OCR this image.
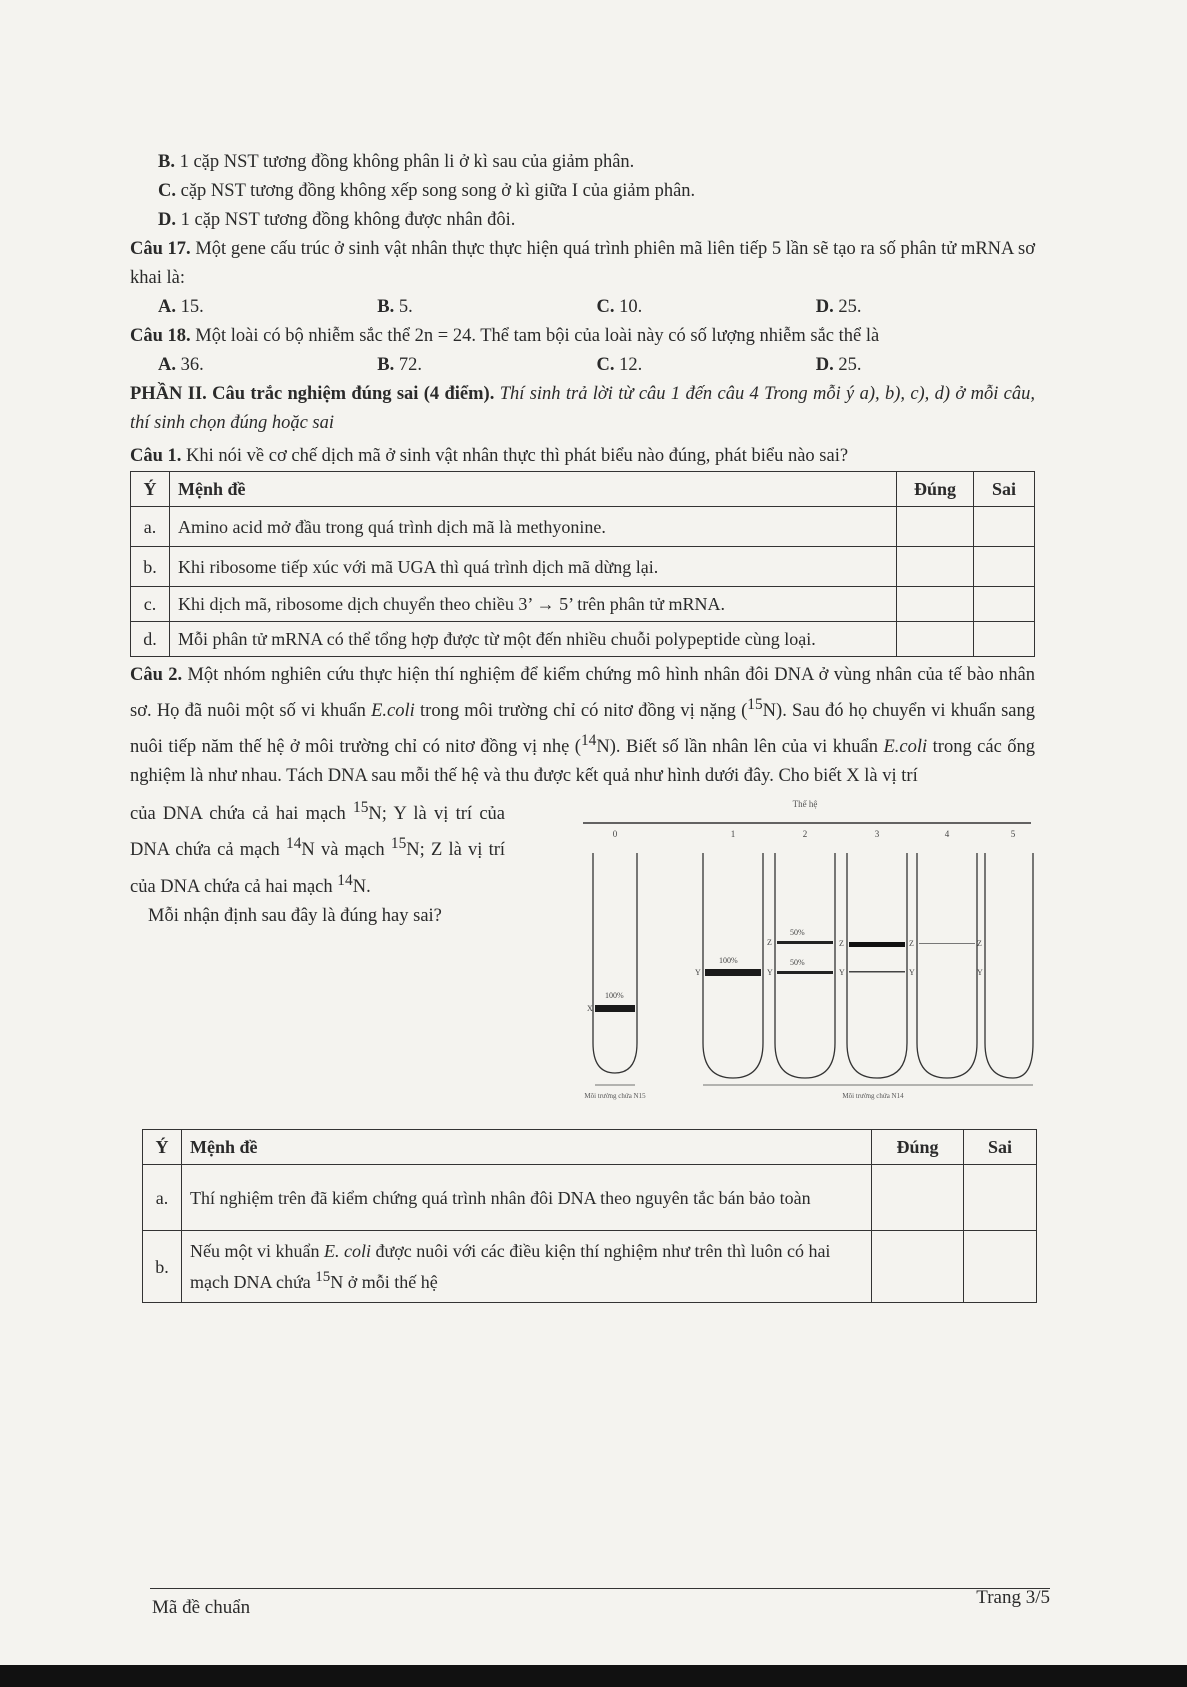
B. 1 cặp NST tương đồng không phân li ở kì sau của giảm phân.
C. cặp NST tương đồng không xếp song song ở kì giữa I của giảm phân.
D. 1 cặp NST tương đồng không được nhân đôi.
Câu 17. Một gene cấu trúc ở sinh vật nhân thực thực hiện quá trình phiên mã liên tiếp 5 lần sẽ tạo ra số phân tử mRNA sơ khai là:
A. 15.	B. 5.	C. 10.	D. 25.
Câu 18. Một loài có bộ nhiễm sắc thể 2n = 24. Thể tam bội của loài này có số lượng nhiễm sắc thể là
A. 36.	B. 72.	C. 12.	D. 25.
PHẦN II. Câu trắc nghiệm đúng sai (4 điểm). Thí sinh trả lời từ câu 1 đến câu 4 Trong mỗi ý a), b), c), d) ở mỗi câu, thí sinh chọn đúng hoặc sai
Câu 1. Khi nói về cơ chế dịch mã ở sinh vật nhân thực thì phát biểu nào đúng, phát biểu nào sai?
Ý	Mệnh đề	Đúng	Sai
a.	Amino acid mở đầu trong quá trình dịch mã là methyonine.		
b.	Khi ribosome tiếp xúc với mã UGA thì quá trình dịch mã dừng lại.		
c.	Khi dịch mã, ribosome dịch chuyển theo chiều 3’ → 5’ trên phân tử mRNA.		
d.	Mỗi phân tử mRNA có thể tổng hợp được từ một đến nhiều chuỗi polypeptide cùng loại.		
Câu 2. Một nhóm nghiên cứu thực hiện thí nghiệm để kiểm chứng mô hình nhân đôi DNA ở vùng nhân của tế bào nhân sơ. Họ đã nuôi một số vi khuẩn E.coli trong môi trường chỉ có nitơ đồng vị nặng ($^{15}$N). Sau đó họ chuyển vi khuẩn sang nuôi tiếp năm thế hệ ở môi trường chỉ có nitơ đồng vị nhẹ ($^{14}$N). Biết số lần nhân lên của vi khuẩn E.coli trong các ống nghiệm là như nhau. Tách DNA sau mỗi thế hệ và thu được kết quả như hình dưới đây. Cho biết X là vị trí
của DNA chứa cả hai mạch $^{15}$N; Y là vị trí của DNA chứa cả mạch $^{14}$N và mạch $^{15}$N; Z là vị trí của DNA chứa cả hai mạch $^{14}$N.
Mỗi nhận định sau đây là đúng hay sai?
Thế hệ
0	1	2	3	4	5
100%
X
100%
Y
50%
50%
Z
Y
Z
Y
Z
Y
Z
Y
Môi trường chứa N15	Môi trường chứa N14
Ý	Mệnh đề	Đúng	Sai
a.	Thí nghiệm trên đã kiểm chứng quá trình nhân đôi DNA theo nguyên tắc bán bảo toàn		
b.	Nếu một vi khuẩn E. coli được nuôi với các điều kiện thí nghiệm như trên thì luôn có hai mạch DNA chứa $^{15}$N ở mỗi thế hệ		
Mã đề chuẩn	Trang 3/5
